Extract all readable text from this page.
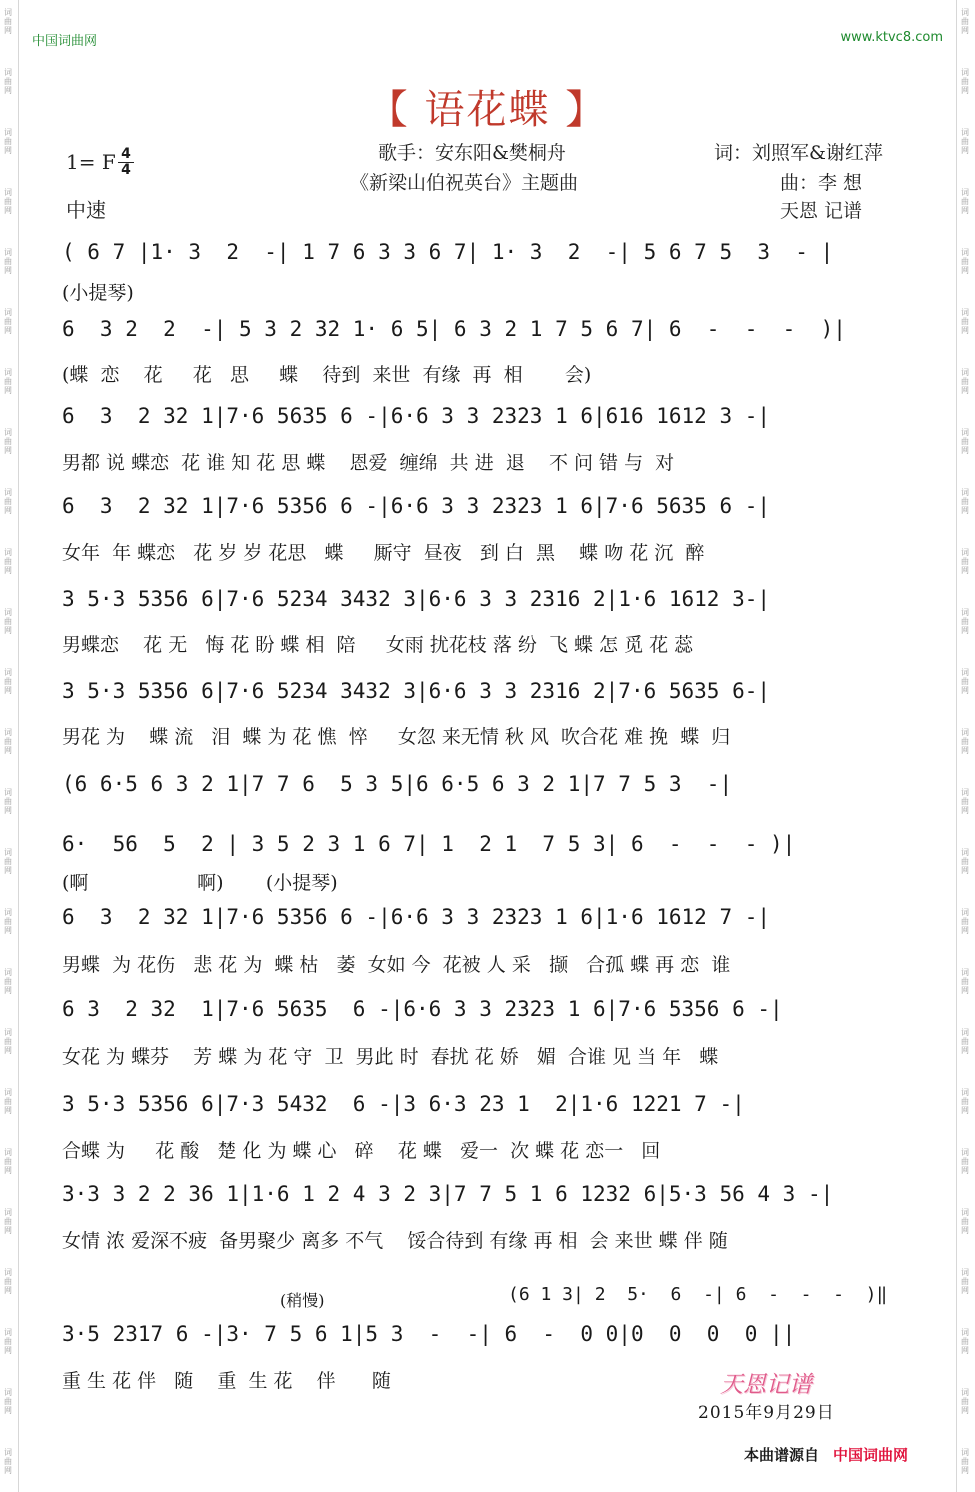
词
曲
网
词
曲
网
词
曲
网
词
曲
网
词
曲
网
词
曲
网
词
曲
网
词
曲
网
词
曲
网
词
曲
网
词
曲
网
词
曲
网
词
曲
网
词
曲
网
词
曲
网
词
曲
网
词
曲
网
词
曲
网
词
曲
网
词
曲
网
词
曲
网
词
曲
网
词
曲
网
词
曲
网
词
曲
网
词
曲
网
词
曲
网
词
曲
网
词
曲
网
词
曲
网
词
曲
网
词
曲
网
词
曲
网
词
曲
网
词
曲
网
词
曲
网
词
曲
网
词
曲
网
词
曲
网
词
曲
网
词
曲
网
词
曲
网
词
曲
网
词
曲
网
词
曲
网
词
曲
网
词
曲
网
词
曲
网
词
曲
网
词
曲
网
中国词曲网	www.ktvc8.com
【 语花蝶 】
歌手：安东阳&樊桐舟
《新梁山伯祝英台》主题曲
词：刘照军&谢红萍
曲：李 想
天恩 记谱
1= F 4
4
中速
( 6 7 |1· 3  2  -| 1 7 6 3 3 6 7| 1· 3  2  -| 5 6 7 5  3  - |
(小提琴)
6  3 2  2  -| 5 3 2 32 1· 6 5| 6 3 2 1 7 5 6 7| 6  -  -  -  )|
(蝶  恋    花     花   思     蝶    待到  来世  有缘  再  相       会)
6  3  2 32 1|7·6 5635 6 -|6·6 3 3 2323 1 6|616 1612 3 -|
男都 说 蝶恋  花 谁 知 花 思 蝶    恩爱  缠绵  共 进  退    不 问 错 与  对
6  3  2 32 1|7·6 5356 6 -|6·6 3 3 2323 1 6|7·6 5635 6 -|
女年  年 蝶恋   花 岁 岁 花思   蝶     厮守  昼夜   到 白  黑    蝶 吻 花 沉  醉
3 5·3 5356 6|7·6 5234 3432 3|6·6 3 3 2316 2|1·6 1612 3-|
男蝶恋    花 无   悔 花 盼 蝶 相  陪     女雨 扰花枝 落 纷  飞 蝶 怎 觅 花 蕊
3 5·3 5356 6|7·6 5234 3432 3|6·6 3 3 2316 2|7·6 5635 6-|
男花 为    蝶 流   泪  蝶 为 花 憔  悴     女忽 来无情 秋 风  吹合花 难 挽  蝶  归
(6 6·5 6 3 2 1|7 7 6  5 3 5|6 6·5 6 3 2 1|7 7 5 3  -|
6·  56  5  2 | 3 5 2 3 1 6 7| 1  2 1  7 5 3| 6  -  -  - )|
(啊                  啊)       (小提琴)
6  3  2 32 1|7·6 5356 6 -|6·6 3 3 2323 1 6|1·6 1612 7 -|
男蝶  为 花伤   悲 花 为  蝶 枯   萎  女如 今  花被 人 采   撷   合孤 蝶 再 恋  谁
6 3  2 32  1|7·6 5635  6 -|6·6 3 3 2323 1 6|7·6 5356 6 -|
女花 为 蝶芬    芳 蝶 为 花 守  卫  男此 时  春扰 花 娇   媚  合谁 见 当 年   蝶
3 5·3 5356 6|7·3 5432  6 -|3 6·3 23 1  2|1·6 1221 7 -|
合蝶 为     花 酸   楚 化 为 蝶 心   碎    花 蝶   爱一  次 蝶 花 恋一   回
3·3 3 2 2 36 1|1·6 1 2 4 3 2 3|7 7 5 1 6 1232 6|5·3 56 4 3 -|
女情 浓 爱深不疲  备男聚少 离多 不气    馁合待到 有缘 再 相  会 来世 蝶 伴 随
3·5 2317 6 -|3· 7 5 6 1|5 3  -  -| 6  -  0 0|0  0  0  0 ||
重 生 花 伴   随    重  生 花    伴      随
(6 1 3| 2  5·  6  -| 6  -  -  -  )‖
(稍慢)
天恩记谱
2015年9月29日
本曲谱源自 中国词曲网
